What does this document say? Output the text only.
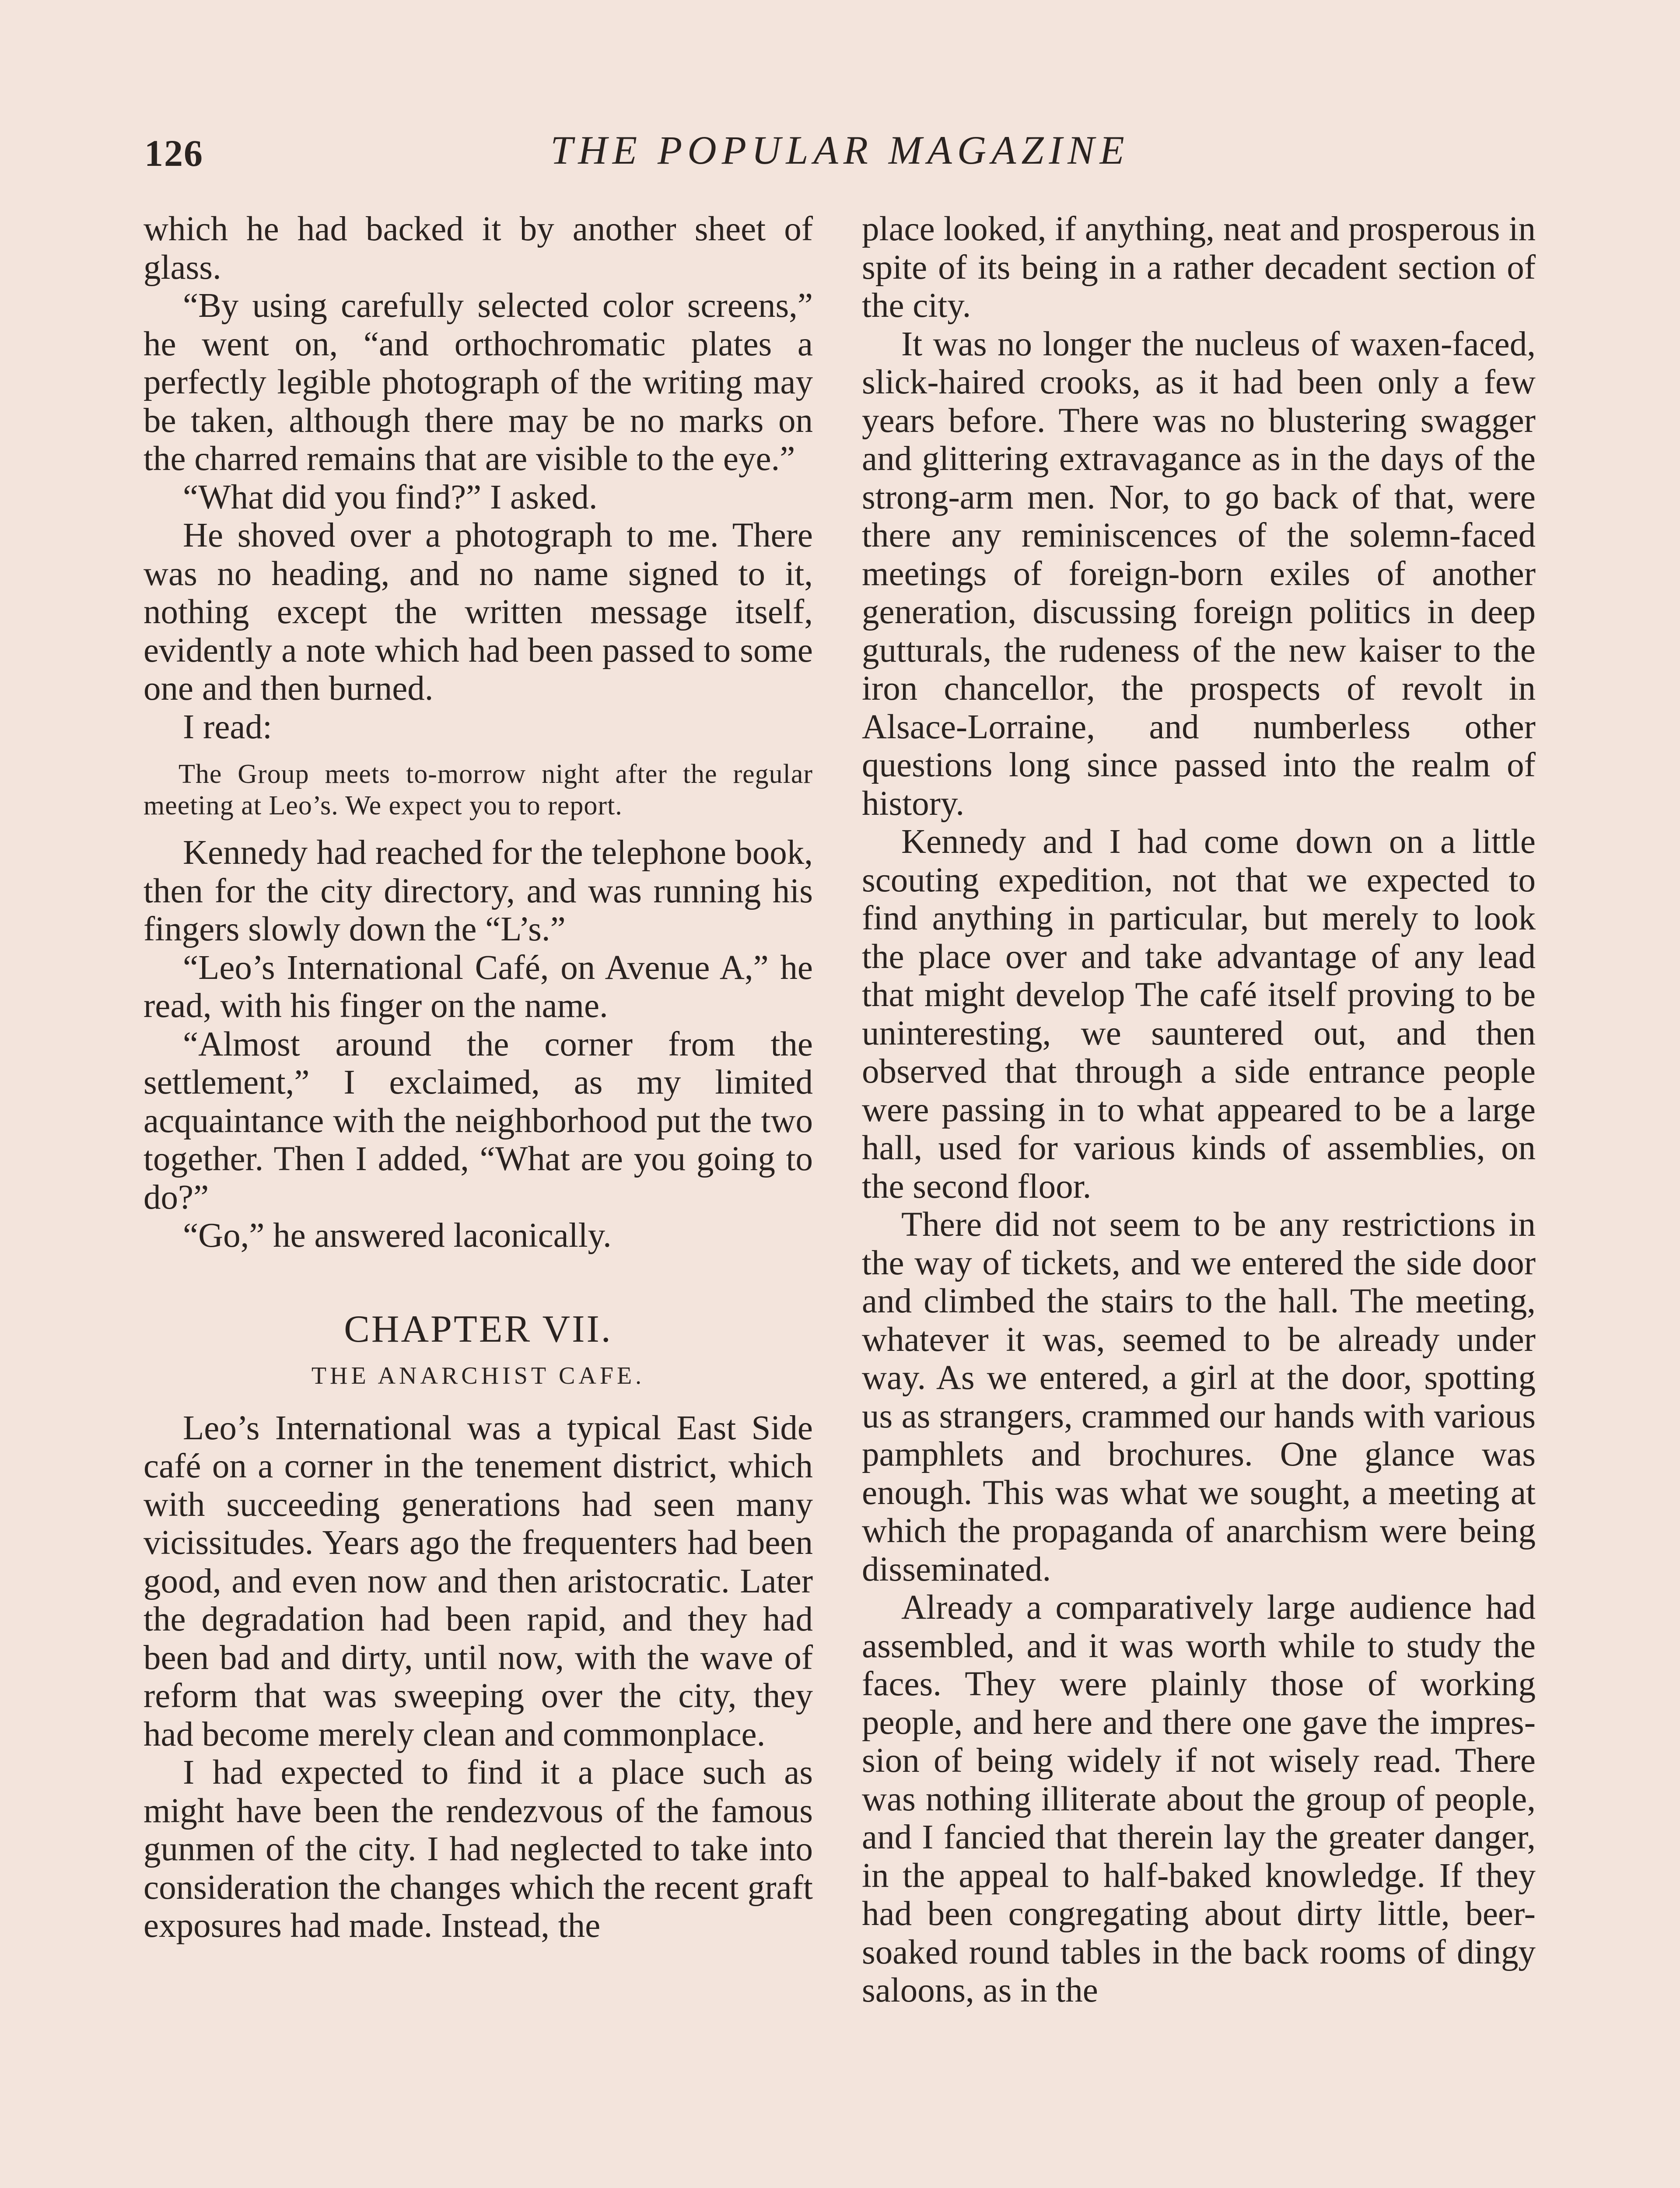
126	THE POPULAR MAGAZINE

which he had backed it by another sheet of glass.

“By using carefully selected color screens,” he went on, “and orthochromatic plates a perfectly legible photograph of the writing may be taken, although there may be no marks on the charred remains that are visible to the eye.”

“What did you find?” I asked.

He shoved over a photograph to me. There was no heading, and no name signed to it, nothing except the written message itself, evidently a note which had been passed to some one and then burned.

I read:

The Group meets to-morrow night after the regular meeting at Leo’s. We expect you to report.

Kennedy had reached for the telephone book, then for the city directory, and was running his fingers slowly down the “L’s.”

“Leo’s International Café, on Avenue A,” he read, with his finger on the name.

“Almost around the corner from the settlement,” I exclaimed, as my limited acquaintance with the neighborhood put the two together. Then I added, “What are you going to do?”

“Go,” he answered laconically.

CHAPTER VII.
THE ANARCHIST CAFE.

Leo’s International was a typical East Side café on a corner in the tenement district, which with succeeding generations had seen many vicissitudes. Years ago the frequenters had been good, and even now and then aristocratic. Later the degradation had been rapid, and they had been bad and dirty, until now, with the wave of reform that was sweeping over the city, they had become merely clean and commonplace.

I had expected to find it a place such as might have been the rendezvous of the famous gunmen of the city. I had neglected to take into consideration the changes which the recent graft exposures had made. Instead, the

place looked, if anything, neat and prosperous in spite of its being in a rather decadent section of the city.

It was no longer the nucleus of waxen-faced, slick-haired crooks, as it had been only a few years before. There was no blustering swagger and glittering extravagance as in the days of the strong-arm men. Nor, to go back of that, were there any reminiscences of the solemn-faced meetings of foreign-born exiles of another generation, discussing foreign politics in deep gutturals, the rudeness of the new kaiser to the iron chancellor, the prospects of revolt in Alsace-Lorraine, and numberless other questions long since passed into the realm of history.

Kennedy and I had come down on a little scouting expedition, not that we expected to find anything in particular, but merely to look the place over and take advantage of any lead that might develop The café itself proving to be uninteresting, we sauntered out, and then observed that through a side entrance people were passing in to what appeared to be a large hall, used for various kinds of assemblies, on the second floor.

There did not seem to be any restrictions in the way of tickets, and we entered the side door and climbed the stairs to the hall. The meeting, whatever it was, seemed to be already under way. As we entered, a girl at the door, spotting us as strangers, crammed our hands with various pamphlets and brochures. One glance was enough. This was what we sought, a meeting at which the propaganda of anarchism were being disseminated.

Already a comparatively large audience had assembled, and it was worth while to study the faces. They were plainly those of working people, and here and there one gave the impression of being widely if not wisely read. There was nothing illiterate about the group of people, and I fancied that therein lay the greater danger, in the appeal to half-baked knowledge. If they had been congregating about dirty little, beer-soaked round tables in the back rooms of dingy saloons, as in the
